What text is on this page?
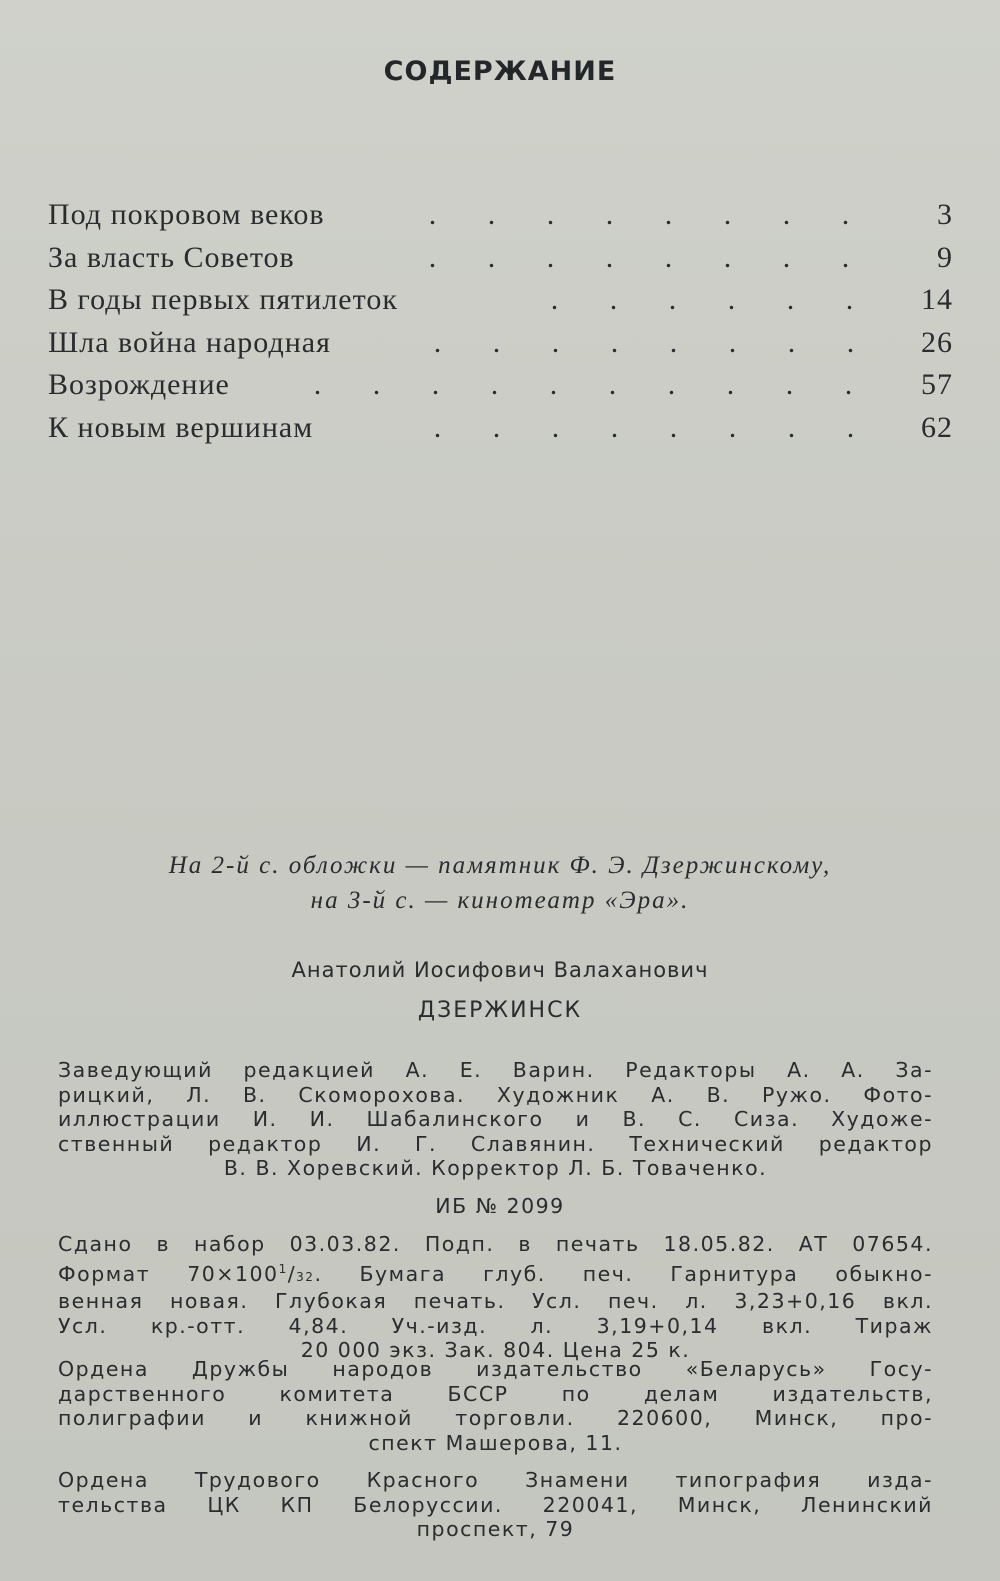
СОДЕРЖАНИЕ
Под покровом веков	. . . . . . . .	3
За власть Советов	. . . . . . . .	9
В годы первых пятилеток	. . . . . .	14
Шла война народная	. . . . . . . .	26
Возрождение	. . . . . . . . . .	57
К новым вершинам	. . . . . . . .	62
На 2-й с. обложки — памятник Ф. Э. Дзержинскому,
на 3-й с. — кинотеатр «Эра».
Анатолий Иосифович Валаханович
ДЗЕРЖИНСК
Заведующий редакцией А. Е. Варин. Редакторы А. А. За-
рицкий, Л. В. Скоморохова. Художник А. В. Ружо. Фото-
иллюстрации И. И. Шабалинского и В. С. Сиза. Художе-
ственный редактор И. Г. Славянин. Технический редактор
В. В. Хоревский. Корректор Л. Б. Товаченко.
ИБ № 2099
Сдано в набор 03.03.82. Подп. в печать 18.05.82. АТ 07654.
Формат $70\times 100^1/32$. Бумага глуб. печ. Гарнитура обыкно-
венная новая. Глубокая печать. Усл. печ. л. 3,23+0,16 вкл.
Усл. кр.-отт. 4,84. Уч.-изд. л. 3,19+0,14 вкл. Тираж
20 000 экз. Зак. 804. Цена 25 к.
Ордена Дружбы народов издательство «Беларусь» Госу-
дарственного комитета БССР по делам издательств,
полиграфии и книжной торговли. 220600, Минск, про-
спект Машерова, 11.
Ордена Трудового Красного Знамени типография изда-
тельства ЦК КП Белоруссии. 220041, Минск, Ленинский
проспект, 79
